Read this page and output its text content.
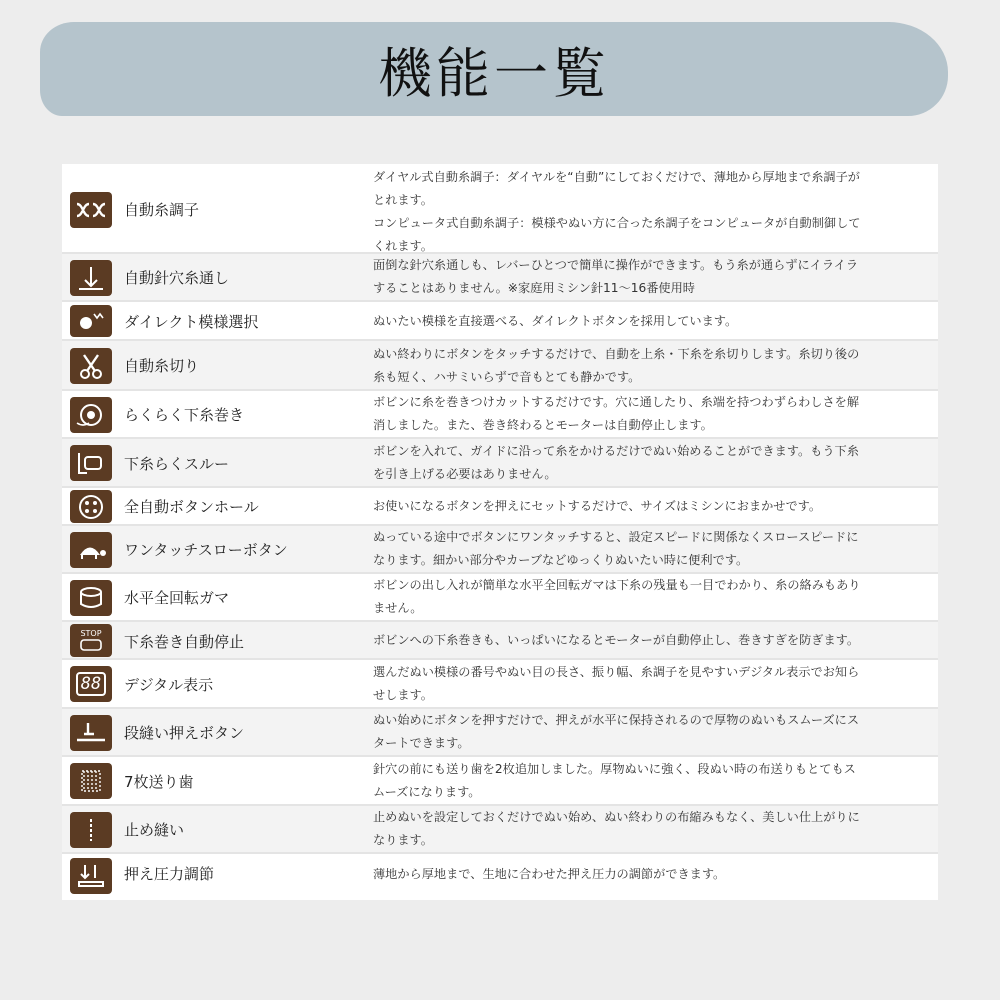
機能一覧
自動糸調子
ダイヤル式自動糸調子：ダイヤルを“自動”にしておくだけで、薄地から厚地まで糸調子が
とれます。
コンピュータ式自動糸調子：模様やぬい方に合った糸調子をコンピュータが自動制御して
くれます。
自動針穴糸通し
面倒な針穴糸通しも、レバーひとつで簡単に操作ができます。もう糸が通らずにイライラ
することはありません。※家庭用ミシン針11〜16番使用時
ダイレクト模様選択	ぬいたい模様を直接選べる、ダイレクトボタンを採用しています。
自動糸切り
ぬい終わりにボタンをタッチするだけで、自動を上糸・下糸を糸切りします。糸切り後の
糸も短く、ハサミいらずで音もとても静かです。
らくらく下糸巻き
ボビンに糸を巻きつけカットするだけです。穴に通したり、糸端を持つわずらわしさを解
消しました。また、巻き終わるとモーターは自動停止します。
下糸らくスルー
ボビンを入れて、ガイドに沿って糸をかけるだけでぬい始めることができます。もう下糸
を引き上げる必要はありません。
全自動ボタンホール	お使いになるボタンを押えにセットするだけで、サイズはミシンにおまかせです。
ワンタッチスローボタン
ぬっている途中でボタンにワンタッチすると、設定スピードに関係なくスロースピードに
なります。細かい部分やカーブなどゆっくりぬいたい時に便利です。
水平全回転ガマ
ボビンの出し入れが簡単な水平全回転ガマは下糸の残量も一目でわかり、糸の絡みもあり
ません。
STOP 下糸巻き自動停止	ボビンへの下糸巻きも、いっぱいになるとモーターが自動停止し、巻きすぎを防ぎます。
88	デジタル表示
選んだぬい模様の番号やぬい目の長さ、振り幅、糸調子を見やすいデジタル表示でお知ら
せします。
段縫い押えボタン
ぬい始めにボタンを押すだけで、押えが水平に保持されるので厚物のぬいもスムーズにス
タートできます。
7枚送り歯
針穴の前にも送り歯を2枚追加しました。厚物ぬいに強く、段ぬい時の布送りもとてもス
ムーズになります。
止め縫い
止めぬいを設定しておくだけでぬい始め、ぬい終わりの布縮みもなく、美しい仕上がりに
なります。
押え圧力調節	薄地から厚地まで、生地に合わせた押え圧力の調節ができます。
